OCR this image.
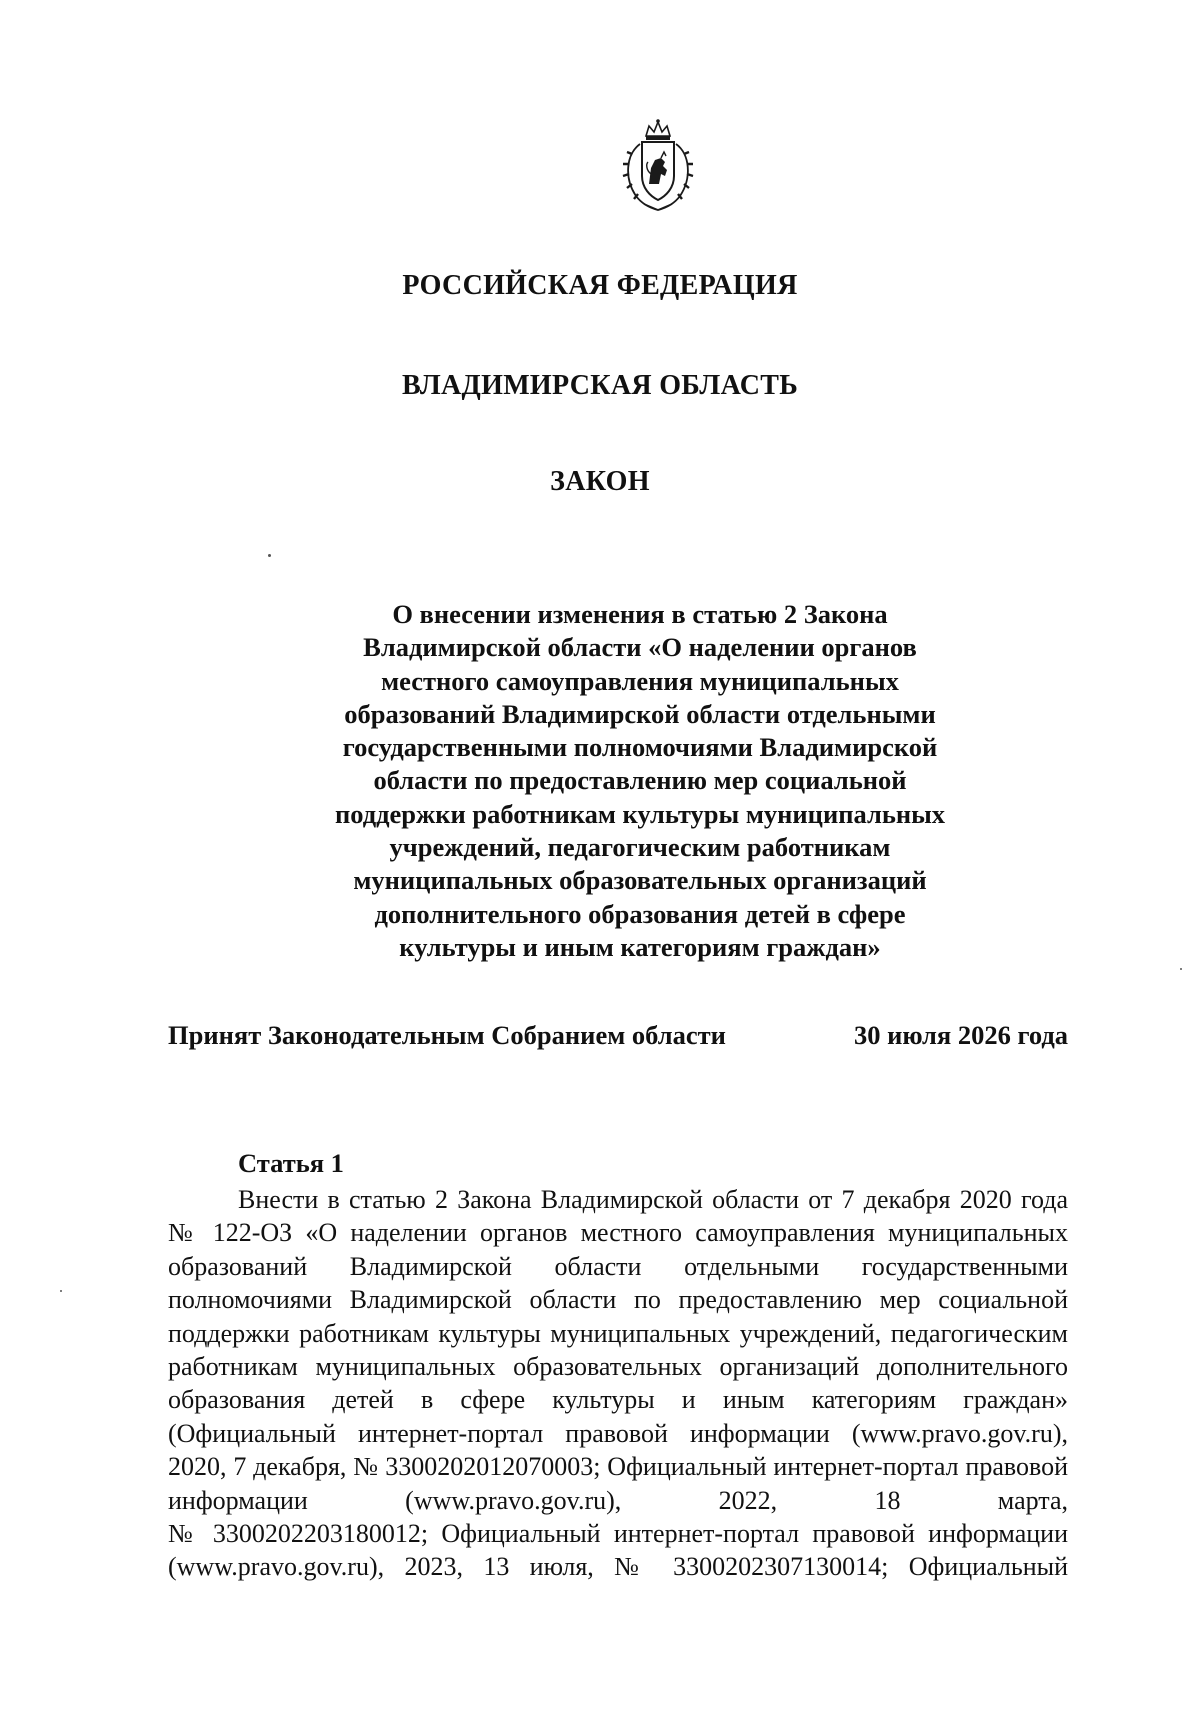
РОССИЙСКАЯ ФЕДЕРАЦИЯ
ВЛАДИМИРСКАЯ ОБЛАСТЬ
ЗАКОН
О внесении изменения в статью 2 Закона
Владимирской области «О наделении органов
местного самоуправления муниципальных
образований Владимирской области отдельными
государственными полномочиями Владимирской
области по предоставлению мер социальной
поддержки работникам культуры муниципальных
учреждений, педагогическим работникам
муниципальных образовательных организаций
дополнительного образования детей в сфере
культуры и иным категориям граждан»
Принят Законодательным Собранием области	30 июля 2026 года
Статья 1
Внести в статью 2 Закона Владимирской области от 7 декабря 2020 года
№ 122-ОЗ «О наделении органов местного самоуправления муниципальных
образований Владимирской области отдельными государственными
полномочиями Владимирской области по предоставлению мер социальной
поддержки работникам культуры муниципальных учреждений, педагогическим
работникам муниципальных образовательных организаций дополнительного
образования детей в сфере культуры и иным категориям граждан»
(Официальный интернет-портал правовой информации (www.pravo.gov.ru),
2020, 7 декабря, № 3300202012070003; Официальный интернет-портал правовой
информации (www.pravo.gov.ru), 2022, 18 марта,
№ 3300202203180012; Официальный интернет-портал правовой информации
(www.pravo.gov.ru), 2023, 13 июля, № 3300202307130014; Официальный
